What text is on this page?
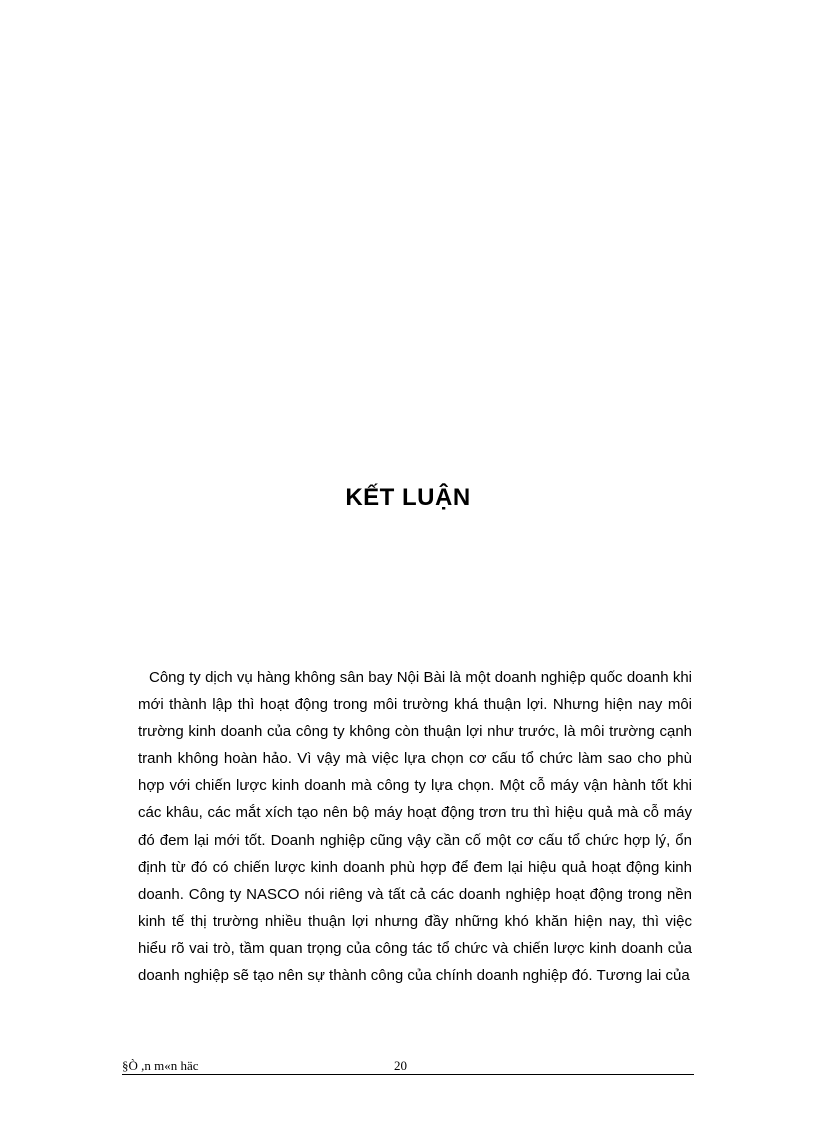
KẾT LUẬN

Công ty dịch vụ hàng không sân bay Nội Bài là một doanh nghiệp quốc doanh khi mới thành lập thì hoạt động trong môi trường khá thuận lợi. Nhưng hiện nay môi trường kinh doanh của công ty không còn thuận lợi như trước, là môi trường cạnh tranh không hoàn hảo. Vì vậy mà việc lựa chọn cơ cấu tổ chức làm sao cho phù hợp với chiến lược kinh doanh mà công ty lựa chọn. Một cỗ máy vận hành tốt khi các khâu, các mắt xích tạo nên bộ máy hoạt động trơn tru thì hiệu quả mà cỗ máy đó đem lại mới tốt. Doanh nghiệp cũng vậy cần cố một cơ cấu tổ chức hợp lý, ổn định từ đó có chiến lược kinh doanh phù hợp để đem lại hiệu quả hoạt động kinh doanh. Công ty NASCO nói riêng và tất cả các doanh nghiệp hoạt động trong nền kinh tế thị trường nhiều thuận lợi nhưng đầy những khó khăn hiện nay, thì việc hiểu rõ vai trò, tầm quan trọng của công tác tổ chức và chiến lược kinh doanh của doanh nghiệp sẽ tạo nên sự thành công của chính doanh nghiệp đó. Tương lai của

§Ò ,n m«n häc	20
